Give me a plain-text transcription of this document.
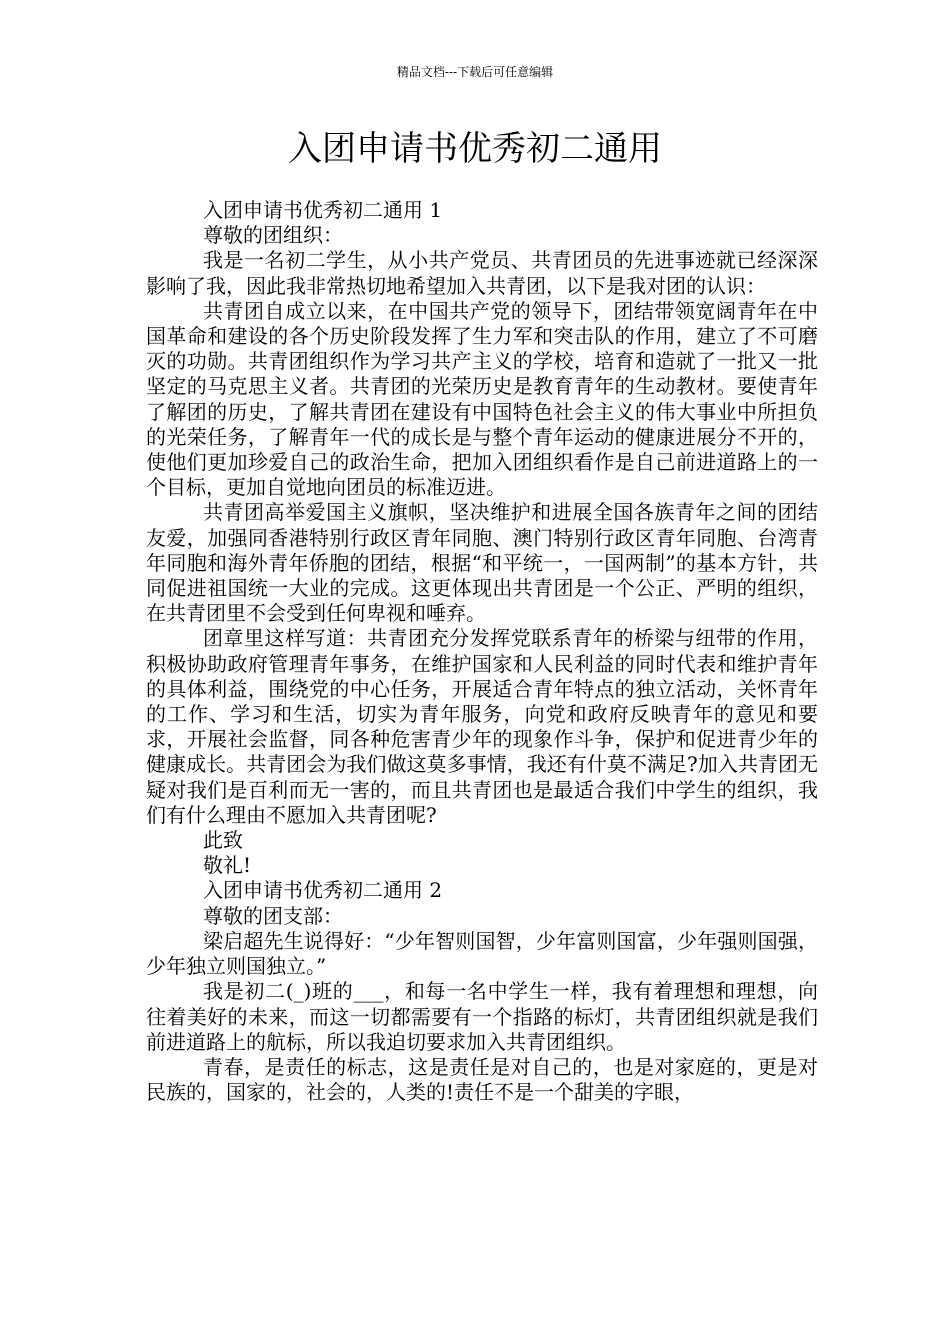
精品文档---下载后可任意编辑
入团申请书优秀初二通用

入团申请书优秀初二通用 1

尊敬的团组织：

我是一名初二学生，从小共产党员、共青团员的先进事迹就已经深深影响了我，因此我非常热切地希望加入共青团，以下是我对团的认识：

共青团自成立以来，在中国共产党的领导下，团结带领宽阔青年在中国革命和建设的各个历史阶段发挥了生力军和突击队的作用，建立了不可磨灭的功勋。共青团组织作为学习共产主义的学校，培育和造就了一批又一批坚定的马克思主义者。共青团的光荣历史是教育青年的生动教材。要使青年了解团的历史，了解共青团在建设有中国特色社会主义的伟大事业中所担负的光荣任务，了解青年一代的成长是与整个青年运动的健康进展分不开的，使他们更加珍爱自己的政治生命，把加入团组织看作是自己前进道路上的一个目标，更加自觉地向团员的标准迈进。

共青团高举爱国主义旗帜，坚决维护和进展全国各族青年之间的团结友爱，加强同香港特别行政区青年同胞、澳门特别行政区青年同胞、台湾青年同胞和海外青年侨胞的团结，根据“和平统一，一国两制”的基本方针，共同促进祖国统一大业的完成。这更体现出共青团是一个公正、严明的组织，在共青团里不会受到任何卑视和唾弃。

团章里这样写道：共青团充分发挥党联系青年的桥梁与纽带的作用，积极协助政府管理青年事务，在维护国家和人民利益的同时代表和维护青年的具体利益，围绕党的中心任务，开展适合青年特点的独立活动，关怀青年的工作、学习和生活，切实为青年服务，向党和政府反映青年的意见和要求，开展社会监督，同各种危害青少年的现象作斗争，保护和促进青少年的健康成长。共青团会为我们做这莫多事情，我还有什莫不满足?加入共青团无疑对我们是百利而无一害的，而且共青团也是最适合我们中学生的组织，我们有什么理由不愿加入共青团呢?

此致

敬礼!

入团申请书优秀初二通用 2

尊敬的团支部：

梁启超先生说得好：“少年智则国智，少年富则国富，少年强则国强，少年独立则国独立。”

我是初二(_)班的___，和每一名中学生一样，我有着理想和理想，向往着美好的未来，而这一切都需要有一个指路的标灯，共青团组织就是我们前进道路上的航标，所以我迫切要求加入共青团组织。

青春，是责任的标志，这是责任是对自己的，也是对家庭的，更是对民族的，国家的，社会的，人类的!责任不是一个甜美的字眼，
